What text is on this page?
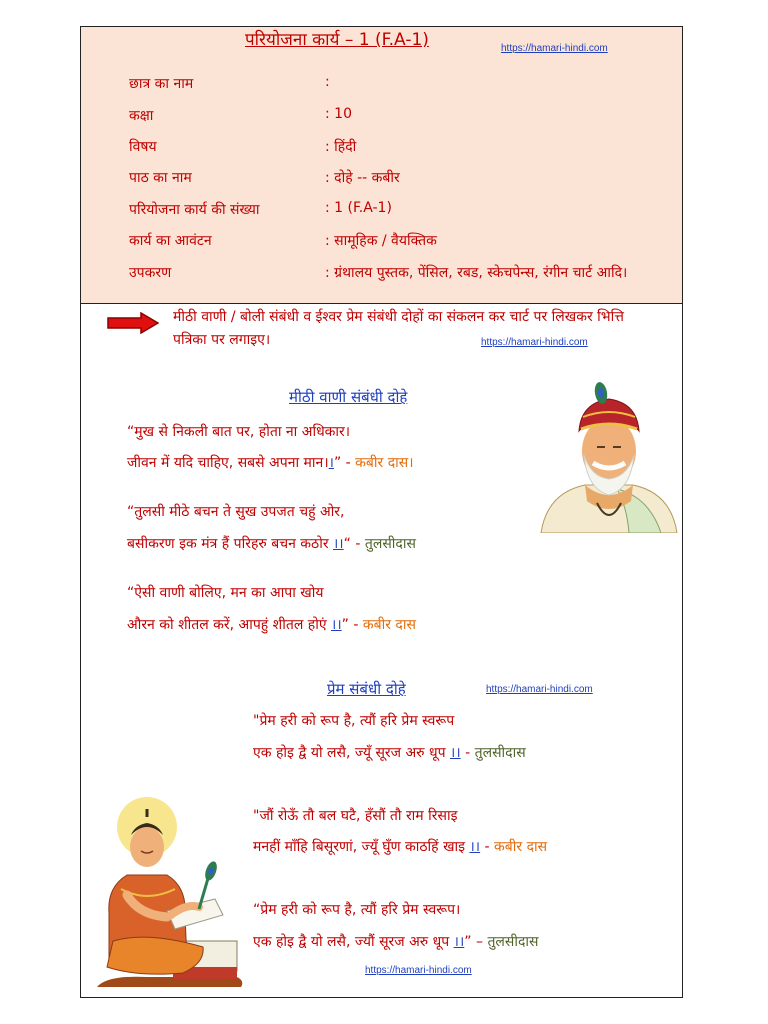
परियोजना कार्य – 1 (F.A-1)	https://hamari-hindi.com
छात्र का नाम	:
कक्षा	: 10
विषय	: हिंदी
पाठ का नाम	: दोहे -- कबीर
परियोजना कार्य की संख्या	: 1 (F.A-1)
कार्य का आवंटन	: सामूहिक / वैयक्तिक
उपकरण	: ग्रंथालय पुस्तक, पेंसिल, रबड, स्केचपेन्स, रंगीन चार्ट आदि।
मीठी वाणी / बोली संबंधी व ईश्वर प्रेम संबंधी दोहों का संकलन कर चार्ट पर लिखकर भित्ति पत्रिका पर लगाइए।	https://hamari-hindi.com
मीठी वाणी संबंधी दोहे
“मुख से निकली बात पर, होता ना अधिकार।
जीवन में यदि चाहिए, सबसे अपना मान।।” - कबीर दास।
“तुलसी मीठे बचन ते सुख उपजत चहुं ओर,
बसीकरण इक मंत्र हैं परिहरु बचन कठोर ।।“ - तुलसीदास
“ऐसी वाणी बोलिए, मन का आपा खोय
औरन को शीतल करें, आपहुं शीतल होएं ।।” - कबीर दास
प्रेम संबंधी दोहे	https://hamari-hindi.com
"प्रेम हरी को रूप है, त्यौं हरि प्रेम स्वरूप
एक होइ द्वै यो लसै, ज्यूँ सूरज अरु धूप ।। - तुलसीदास
"जौं रोऊँ तौ बल घटै, हँसौं तौ राम रिसाइ
मनहीं माँहि बिसूरणां, ज्यूँ घुँण काठहिं खाइ ।। - कबीर दास
“प्रेम हरी को रूप है, त्यौं हरि प्रेम स्वरूप।
एक होइ द्वै यो लसै, ज्यौं सूरज अरु धूप ।।” – तुलसीदास
https://hamari-hindi.com
